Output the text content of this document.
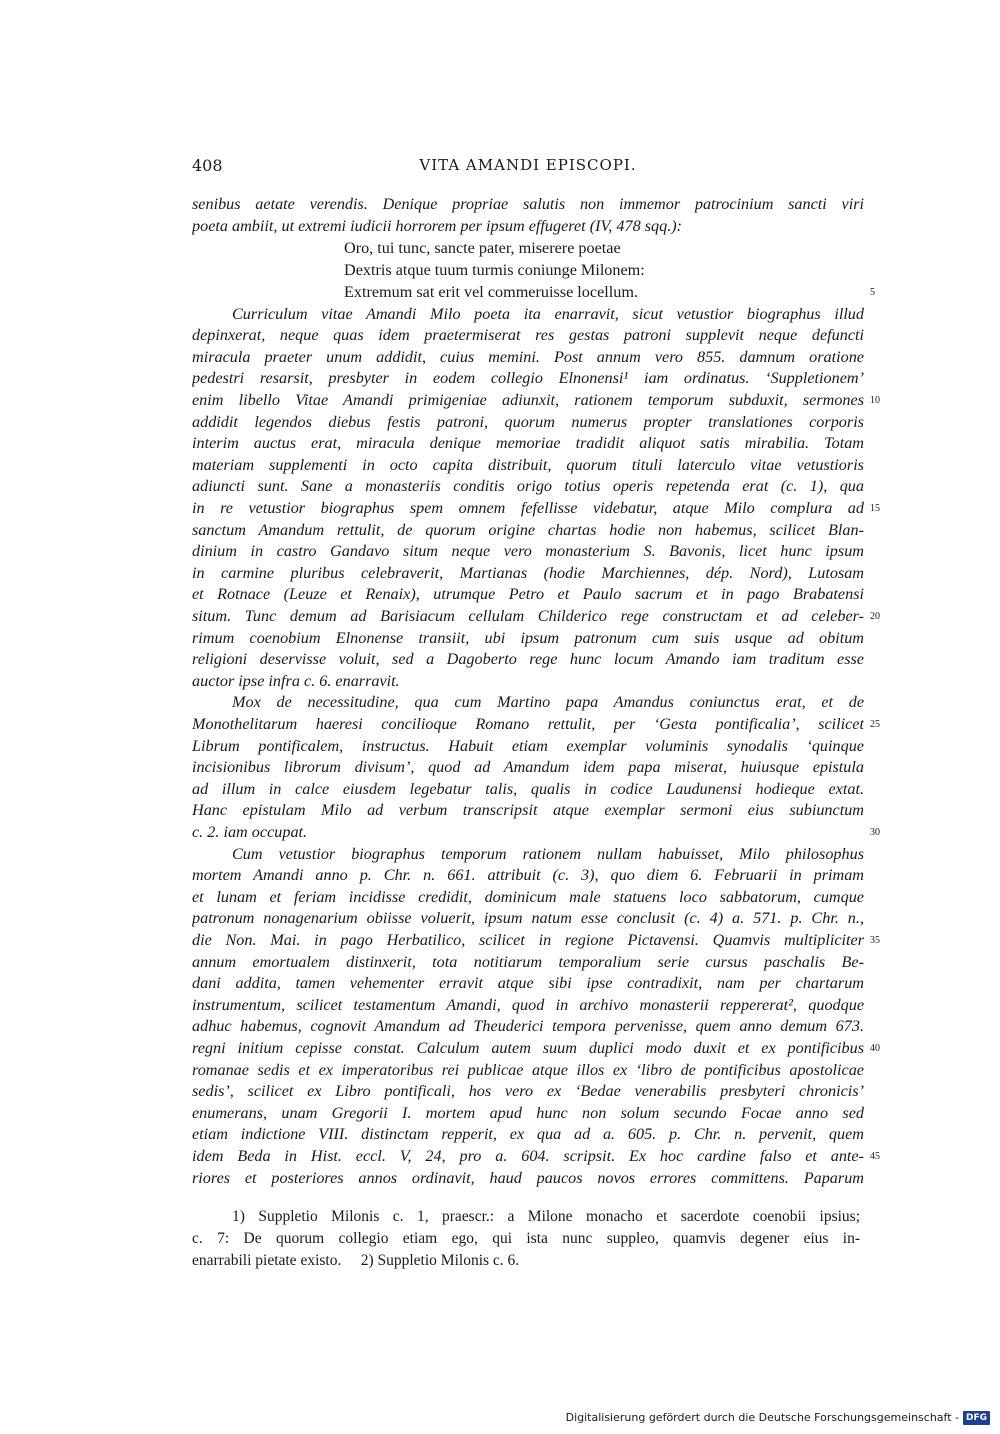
408	VITA AMANDI EPISCOPI.
senibus aetate verendis. Denique propriae salutis non immemor patrocinium sancti viri
poeta ambiit, ut extremi iudicii horrorem per ipsum effugeret (IV, 478 sqq.):
Oro, tui tunc, sancte pater, miserere poetae
Dextris atque tuum turmis coniunge Milonem:
Extremum sat erit vel commeruisse locellum.	5
Curriculum vitae Amandi Milo poeta ita enarravit, sicut vetustior biographus illud
depinxerat, neque quas idem praetermiserat res gestas patroni supplevit neque defuncti
miracula praeter unum addidit, cuius memini. Post annum vero 855. damnum oratione
pedestri resarsit, presbyter in eodem collegio Elnonensi¹ iam ordinatus. ‘Suppletionem’
enim libello Vitae Amandi primigeniae adiunxit, rationem temporum subduxit, sermones 10
addidit legendos diebus festis patroni, quorum numerus propter translationes corporis
interim auctus erat, miracula denique memoriae tradidit aliquot satis mirabilia. Totam
materiam supplementi in octo capita distribuit, quorum tituli laterculo vitae vetustioris
adiuncti sunt. Sane a monasteriis conditis origo totius operis repetenda erat (c. 1), qua
in re vetustior biographus spem omnem fefellisse videbatur, atque Milo complura ad 15
sanctum Amandum rettulit, de quorum origine chartas hodie non habemus, scilicet Blan-
dinium in castro Gandavo situm neque vero monasterium S. Bavonis, licet hunc ipsum
in carmine pluribus celebraverit, Martianas (hodie Marchiennes, dép. Nord), Lutosam
et Rotnace (Leuze et Renaix), utrumque Petro et Paulo sacrum et in pago Brabatensi
situm. Tunc demum ad Barisiacum cellulam Childerico rege constructam et ad celeber- 20
rimum coenobium Elnonense transiit, ubi ipsum patronum cum suis usque ad obitum
religioni deservisse voluit, sed a Dagoberto rege hunc locum Amando iam traditum esse
auctor ipse infra c. 6. enarravit.
Mox de necessitudine, qua cum Martino papa Amandus coniunctus erat, et de
Monothelitarum haeresi concilioque Romano rettulit, per ‘Gesta pontificalia’, scilicet 25
Librum pontificalem, instructus. Habuit etiam exemplar voluminis synodalis ‘quinque
incisionibus librorum divisum’, quod ad Amandum idem papa miserat, huiusque epistula
ad illum in calce eiusdem legebatur talis, qualis in codice Laudunensi hodieque extat.
Hanc epistulam Milo ad verbum transcripsit atque exemplar sermoni eius subiunctum
c. 2. iam occupat.	30
Cum vetustior biographus temporum rationem nullam habuisset, Milo philosophus
mortem Amandi anno p. Chr. n. 661. attribuit (c. 3), quo diem 6. Februarii in primam
et lunam et feriam incidisse credidit, dominicum male statuens loco sabbatorum, cumque
patronum nonagenarium obiisse voluerit, ipsum natum esse conclusit (c. 4) a. 571. p. Chr. n.,
die Non. Mai. in pago Herbatilico, scilicet in regione Pictavensi. Quamvis multipliciter 35
annum emortualem distinxerit, tota notitiarum temporalium serie cursus paschalis Be-
dani addita, tamen vehementer erravit atque sibi ipse contradixit, nam per chartarum
instrumentum, scilicet testamentum Amandi, quod in archivo monasterii reppererat², quodque
adhuc habemus, cognovit Amandum ad Theuderici tempora pervenisse, quem anno demum 673.
regni initium cepisse constat. Calculum autem suum duplici modo duxit et ex pontificibus 40
romanae sedis et ex imperatoribus rei publicae atque illos ex ‘libro de pontificibus apostolicae
sedis’, scilicet ex Libro pontificali, hos vero ex ‘Bedae venerabilis presbyteri chronicis’
enumerans, unam Gregorii I. mortem apud hunc non solum secundo Focae anno sed
etiam indictione VIII. distinctam repperit, ex qua ad a. 605. p. Chr. n. pervenit, quem
idem Beda in Hist. eccl. V, 24, pro a. 604. scripsit. Ex hoc cardine falso et ante- 45
riores et posteriores annos ordinavit, haud paucos novos errores committens. Paparum
1) Suppletio Milonis c. 1, praescr.: a Milone monacho et sacerdote coenobii ipsius;
c. 7: De quorum collegio etiam ego, qui ista nunc suppleo, quamvis degener eius in-
enarrabili pietate existo.     2) Suppletio Milonis c. 6.
Digitalisierung gefördert durch die Deutsche Forschungsgemeinschaft - DFG
